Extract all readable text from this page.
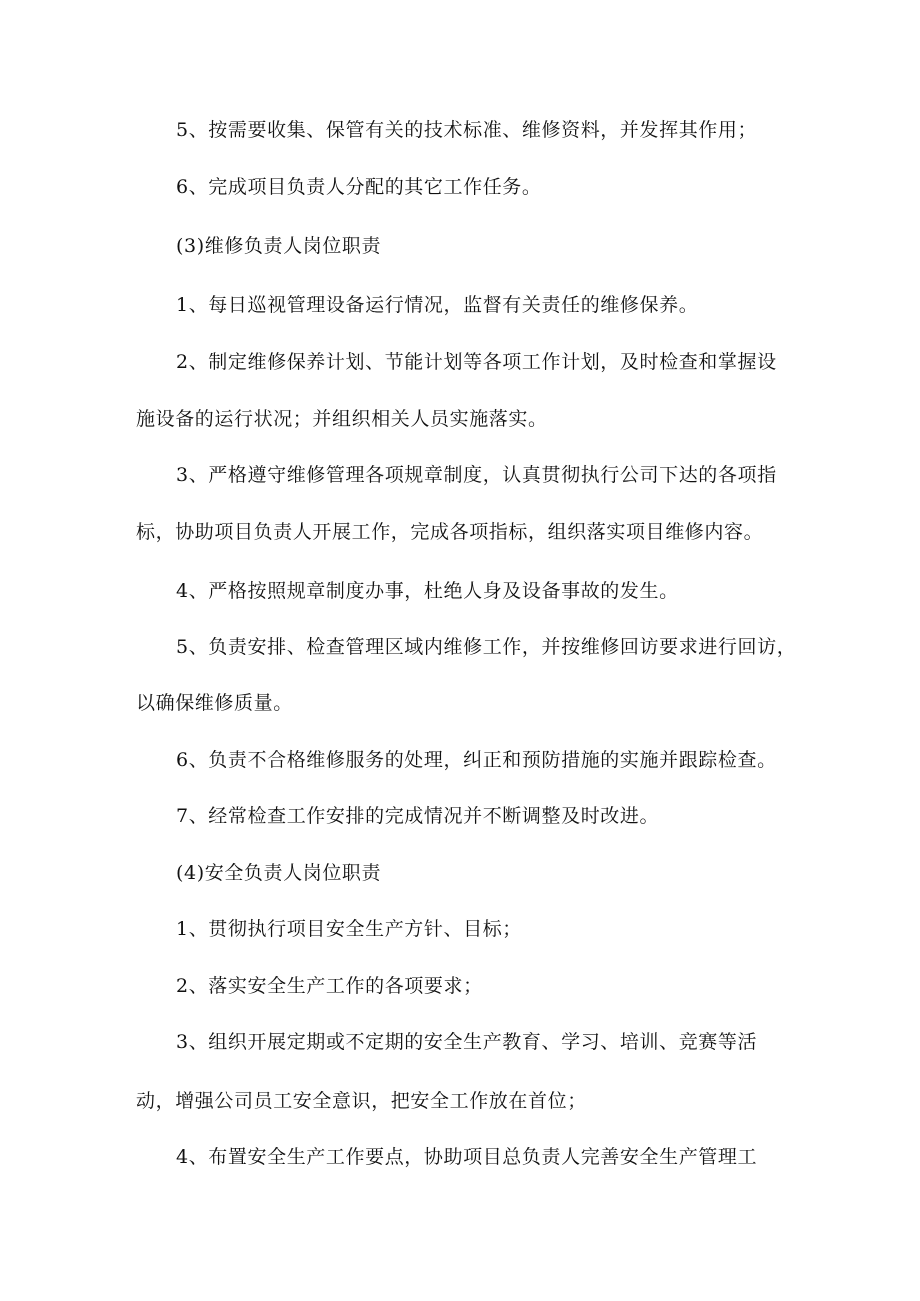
5、按需要收集、保管有关的技术标准、维修资料，并发挥其作用；
6、完成项目负责人分配的其它工作任务。
(3)维修负责人岗位职责
1、每日巡视管理设备运行情况，监督有关责任的维修保养。
2、制定维修保养计划、节能计划等各项工作计划，及时检查和掌握设
施设备的运行状况；并组织相关人员实施落实。
3、严格遵守维修管理各项规章制度，认真贯彻执行公司下达的各项指
标，协助项目负责人开展工作，完成各项指标，组织落实项目维修内容。
4、严格按照规章制度办事，杜绝人身及设备事故的发生。
5、负责安排、检查管理区域内维修工作，并按维修回访要求进行回访，
以确保维修质量。
6、负责不合格维修服务的处理，纠正和预防措施的实施并跟踪检查。
7、经常检查工作安排的完成情况并不断调整及时改进。
(4)安全负责人岗位职责
1、贯彻执行项目安全生产方针、目标；
2、落实安全生产工作的各项要求；
3、组织开展定期或不定期的安全生产教育、学习、培训、竞赛等活
动，增强公司员工安全意识，把安全工作放在首位；
4、布置安全生产工作要点，协助项目总负责人完善安全生产管理工
